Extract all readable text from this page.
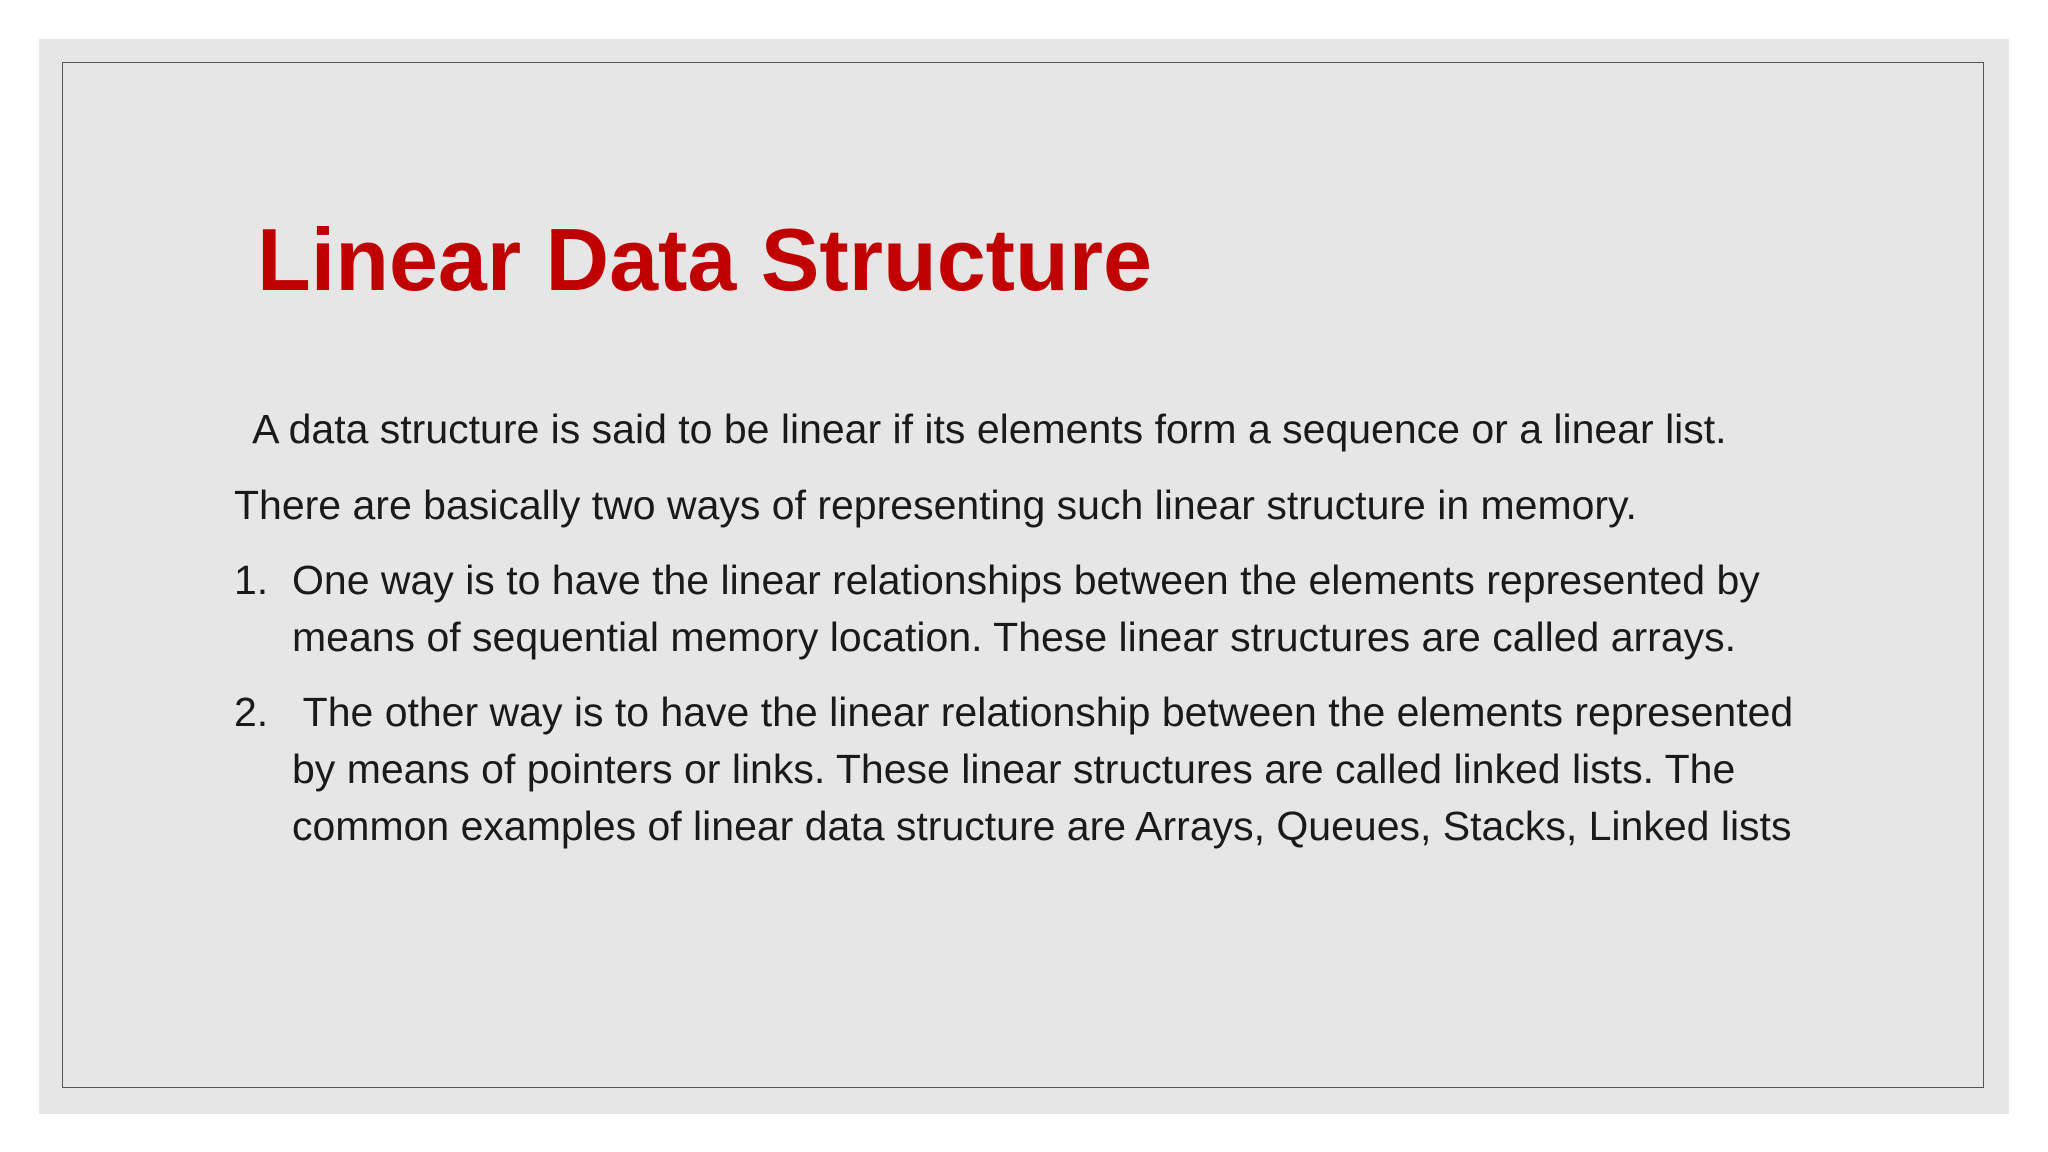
Linear Data Structure

A data structure is said to be linear if its elements form a sequence or a linear list.

There are basically two ways of representing such linear structure in memory.

1. One way is to have the linear relationships between the elements represented by
means of sequential memory location. These linear structures are called arrays.
2. The other way is to have the linear relationship between the elements represented
by means of pointers or links. These linear structures are called linked lists. The
common examples of linear data structure are Arrays, Queues, Stacks, Linked lists
